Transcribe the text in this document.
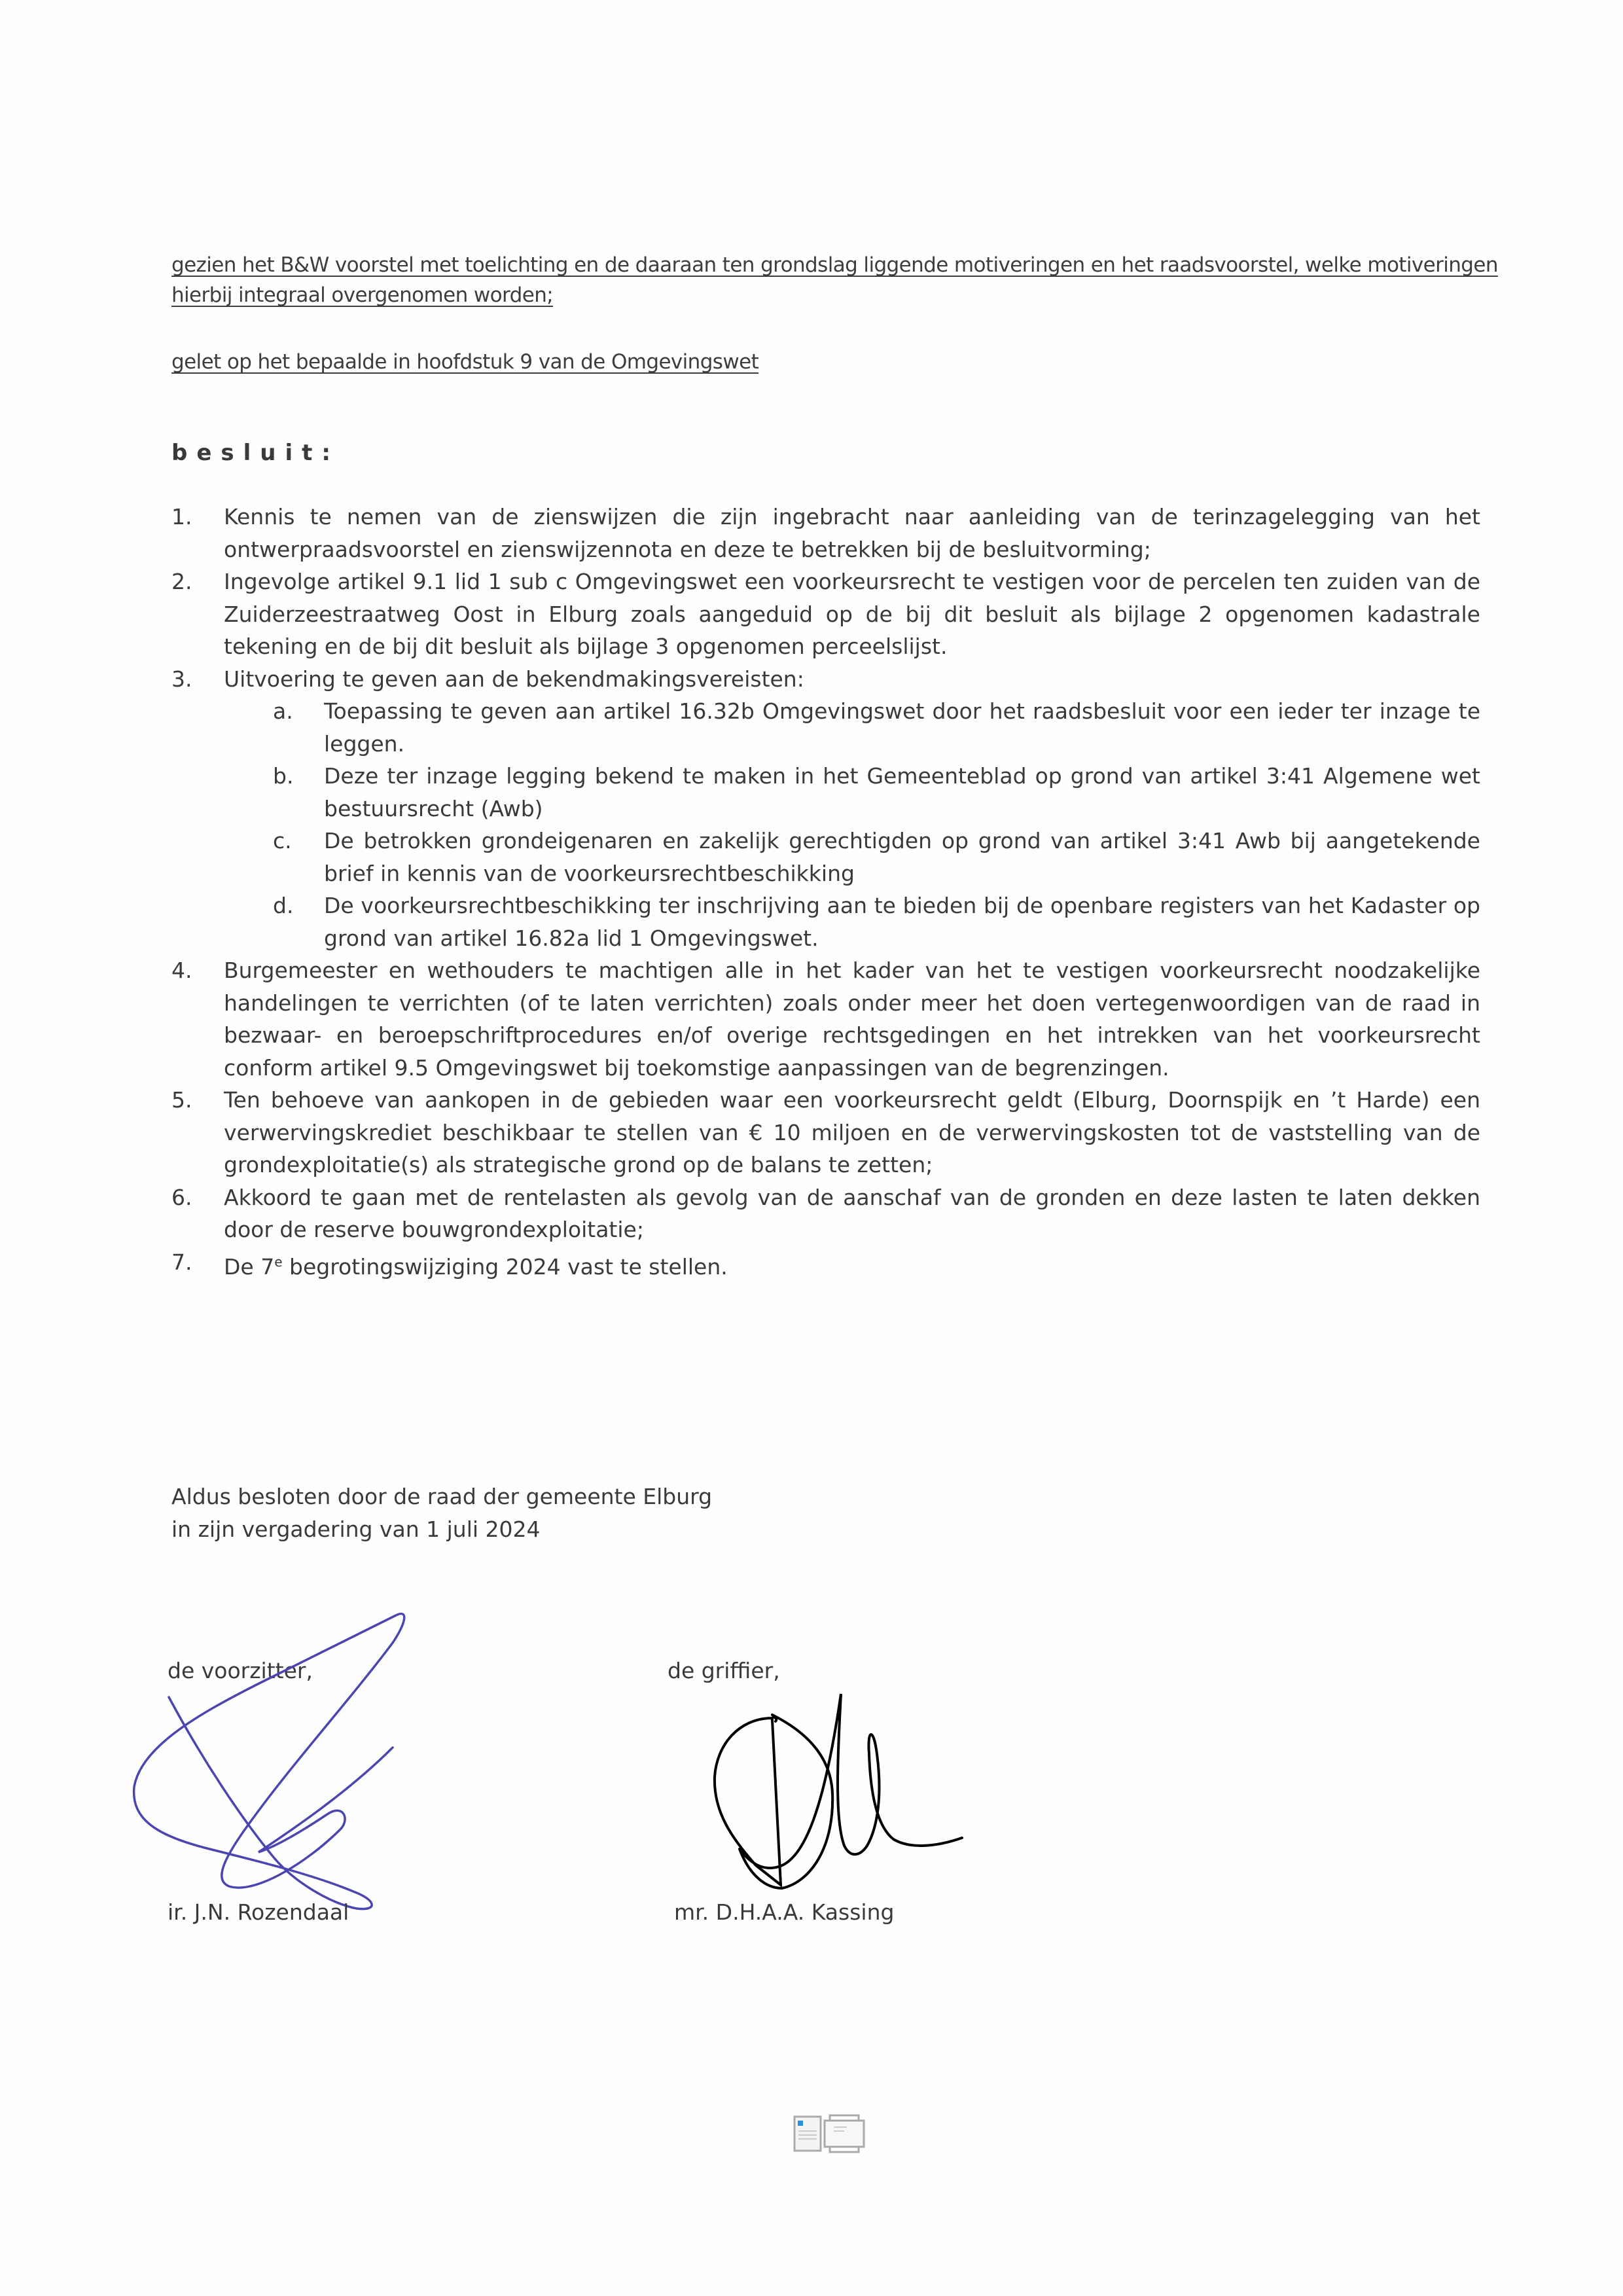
gezien het B&W voorstel met toelichting en de daaraan ten grondslag liggende motiveringen en het raadsvoorstel, welke motiveringen hierbij integraal overgenomen worden;
gelet op het bepaalde in hoofdstuk 9 van de Omgevingswet
besluit:
1.	Kennis te nemen van de zienswijzen die zijn ingebracht naar aanleiding van de terinzagelegging van het ontwerpraadsvoorstel en zienswijzennota en deze te betrekken bij de besluitvorming;
2.	Ingevolge artikel 9.1 lid 1 sub c Omgevingswet een voorkeursrecht te vestigen voor de percelen ten zuiden van de Zuiderzeestraatweg Oost in Elburg zoals aangeduid op de bij dit besluit als bijlage 2 opgenomen kadastrale tekening en de bij dit besluit als bijlage 3 opgenomen perceelslijst.
3.	Uitvoering te geven aan de bekendmakingsvereisten:
a.	Toepassing te geven aan artikel 16.32b Omgevingswet door het raadsbesluit voor een ieder ter inzage te leggen.
b.	Deze ter inzage legging bekend te maken in het Gemeenteblad op grond van artikel 3:41 Algemene wet bestuursrecht (Awb)
c.	De betrokken grondeigenaren en zakelijk gerechtigden op grond van artikel 3:41 Awb bij aangetekende brief in kennis van de voorkeursrechtbeschikking
d.	De voorkeursrechtbeschikking ter inschrijving aan te bieden bij de openbare registers van het Kadaster op grond van artikel 16.82a lid 1 Omgevingswet.
4.	Burgemeester en wethouders te machtigen alle in het kader van het te vestigen voorkeursrecht noodzakelijke handelingen te verrichten (of te laten verrichten) zoals onder meer het doen vertegenwoordigen van de raad in bezwaar- en beroepschriftprocedures en/of overige rechtsgedingen en het intrekken van het voorkeursrecht conform artikel 9.5 Omgevingswet bij toekomstige aanpassingen van de begrenzingen.
5.	Ten behoeve van aankopen in de gebieden waar een voorkeursrecht geldt (Elburg, Doornspijk en ’t Harde) een verwervingskrediet beschikbaar te stellen van € 10 miljoen en de verwervingskosten tot de vaststelling van de grondexploitatie(s) als strategische grond op de balans te zetten;
6.	Akkoord te gaan met de rentelasten als gevolg van de aanschaf van de gronden en deze lasten te laten dekken door de reserve bouwgrondexploitatie;
7.	De 7e begrotingswijziging 2024 vast te stellen.
Aldus besloten door de raad der gemeente Elburg
in zijn vergadering van 1 juli 2024
de voorzitter,	de griffier,
ir. J.N. Rozendaal	mr. D.H.A.A. Kassing
